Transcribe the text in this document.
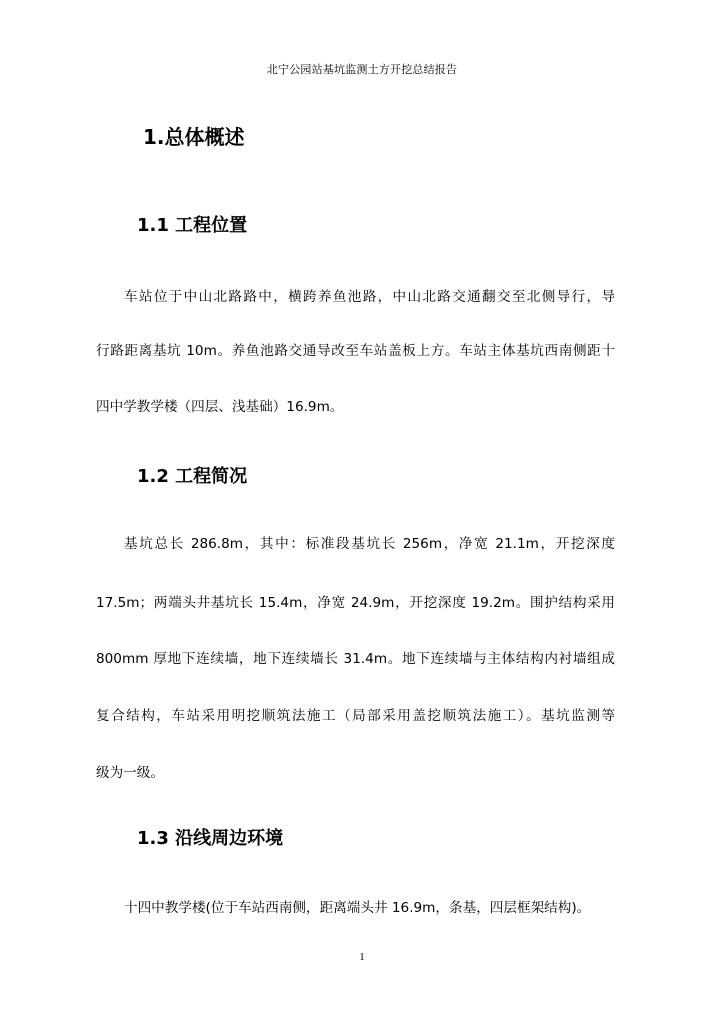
北宁公园站基坑监测土方开挖总结报告
1.总体概述
1.1 工程位置
车站位于中山北路路中，横跨养鱼池路，中山北路交通翻交至北侧导行，导
行路距离基坑 10m。养鱼池路交通导改至车站盖板上方。车站主体基坑西南侧距十
四中学教学楼（四层、浅基础）16.9m。
1.2 工程简况
基坑总长 286.8m，其中：标准段基坑长 256m，净宽 21.1m，开挖深度
17.5m；两端头井基坑长 15.4m，净宽 24.9m，开挖深度 19.2m。围护结构采用
800mm 厚地下连续墙，地下连续墙长 31.4m。地下连续墙与主体结构内衬墙组成
复合结构，车站采用明挖顺筑法施工（局部采用盖挖顺筑法施工）。基坑监测等
级为一级。
1.3 沿线周边环境
十四中教学楼(位于车站西南侧，距离端头井 16.9m，条基，四层框架结构)。
1
